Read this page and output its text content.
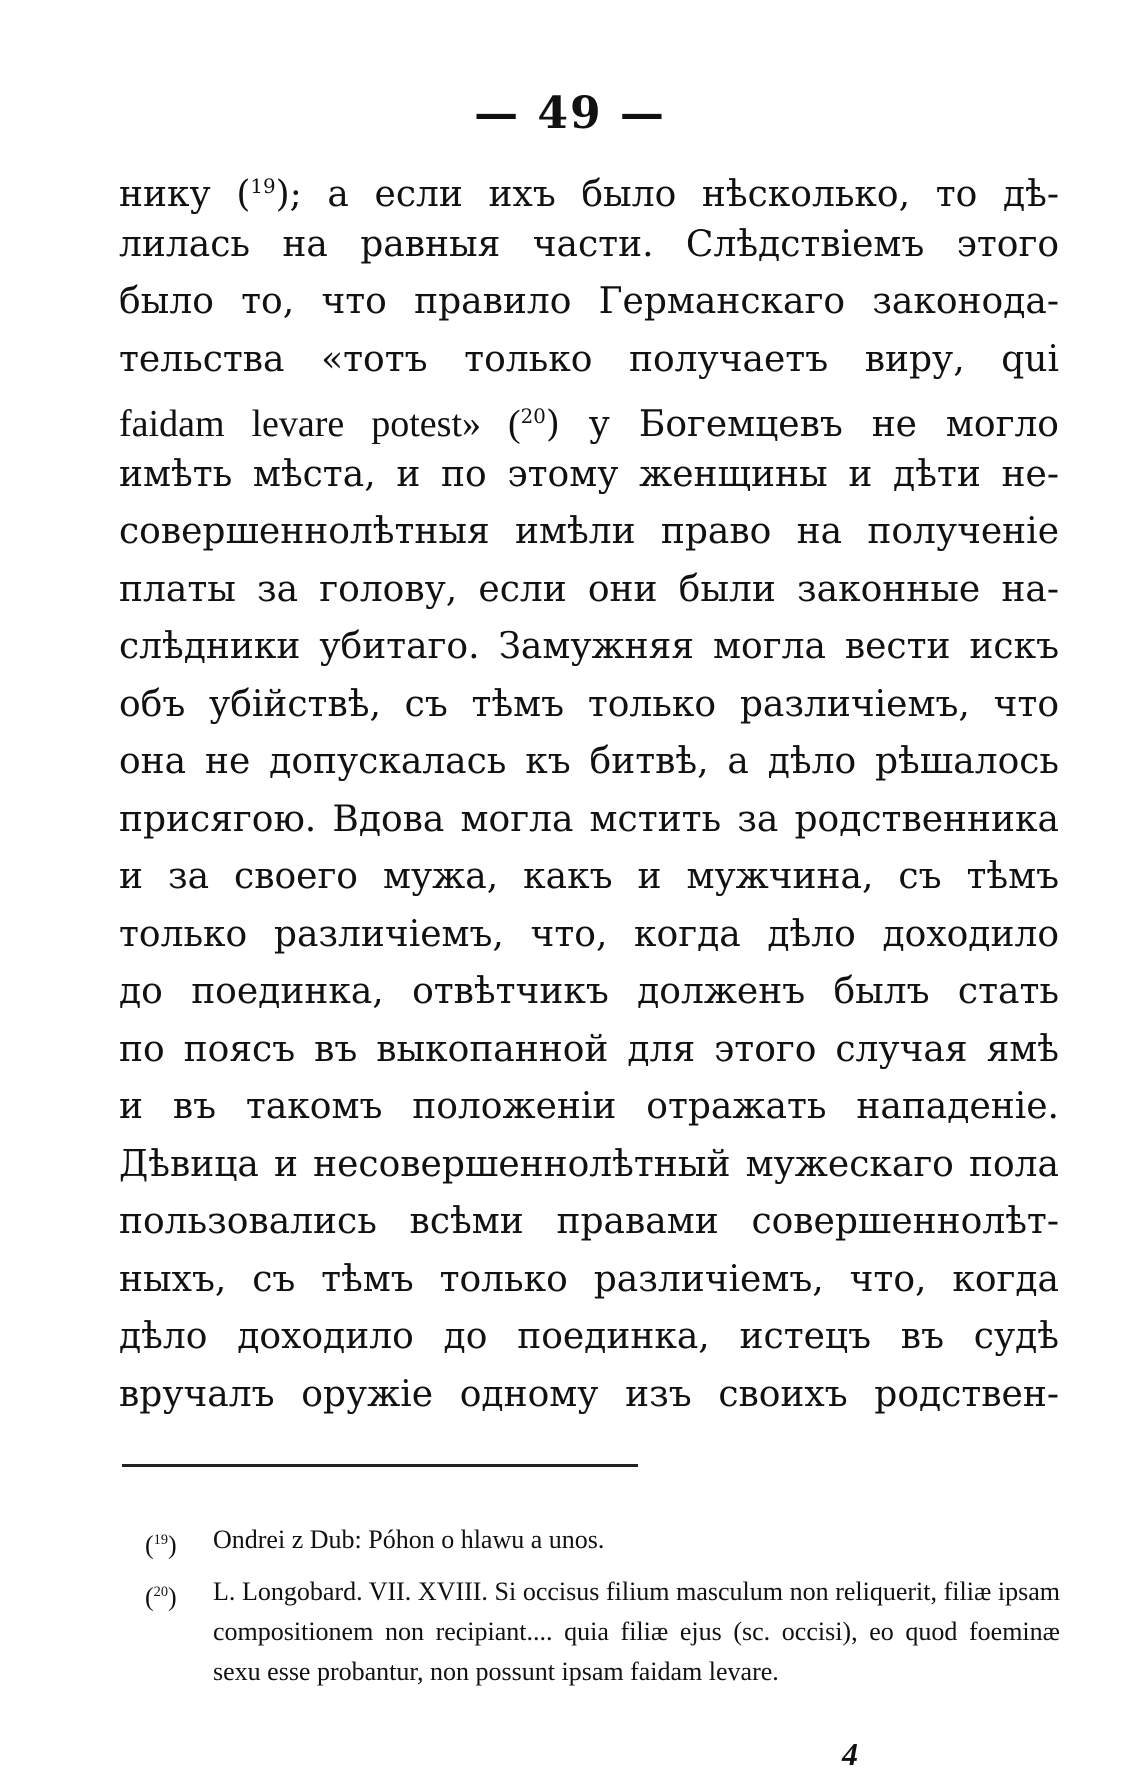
— 49 —
нику ($^{19}$); а если ихъ было нѣсколько, то дѣ-
лилась на равныя части. Слѣдствіемъ этого
было то, что правило Германскаго законода-
тельства «тотъ только получаетъ виру, qui
faidam levare potest» ($^{20}$) у Богемцевъ не могло
имѣть мѣста, и по этому женщины и дѣти не-
совершеннолѣтныя имѣли право на полученіе
платы за голову, если они были законные на-
слѣдники убитаго. Замужняя могла вести искъ
объ убійствѣ, съ тѣмъ только различіемъ, что
она не допускалась къ битвѣ, а дѣло рѣшалось
присягою. Вдова могла мстить за родственника
и за своего мужа, какъ и мужчина, съ тѣмъ
только различіемъ, что, когда дѣло доходило
до поединка, отвѣтчикъ долженъ былъ стать
по поясъ въ выкопанной для этого случая ямѣ
и въ такомъ положеніи отражать нападеніе.
Дѣвица и несовершеннолѣтный мужескаго пола
пользовались всѣми правами совершеннолѣт-
ныхъ, съ тѣмъ только различіемъ, что, когда
дѣло доходило до поединка, истецъ въ судѣ
вручалъ оружіе одному изъ своихъ родствен-
($^{19}$)	Ondrei z Dub: Póhon o hlawu a unos.
($^{20}$)	L. Longobard. VII. XVIII. Si occisus filium masculum non reliquerit, filiæ ipsam compositionem non recipiant.... quia filiæ ejus (sc. occisi), eo quod foeminæ sexu esse probantur, non possunt ipsam faidam levare.
4
